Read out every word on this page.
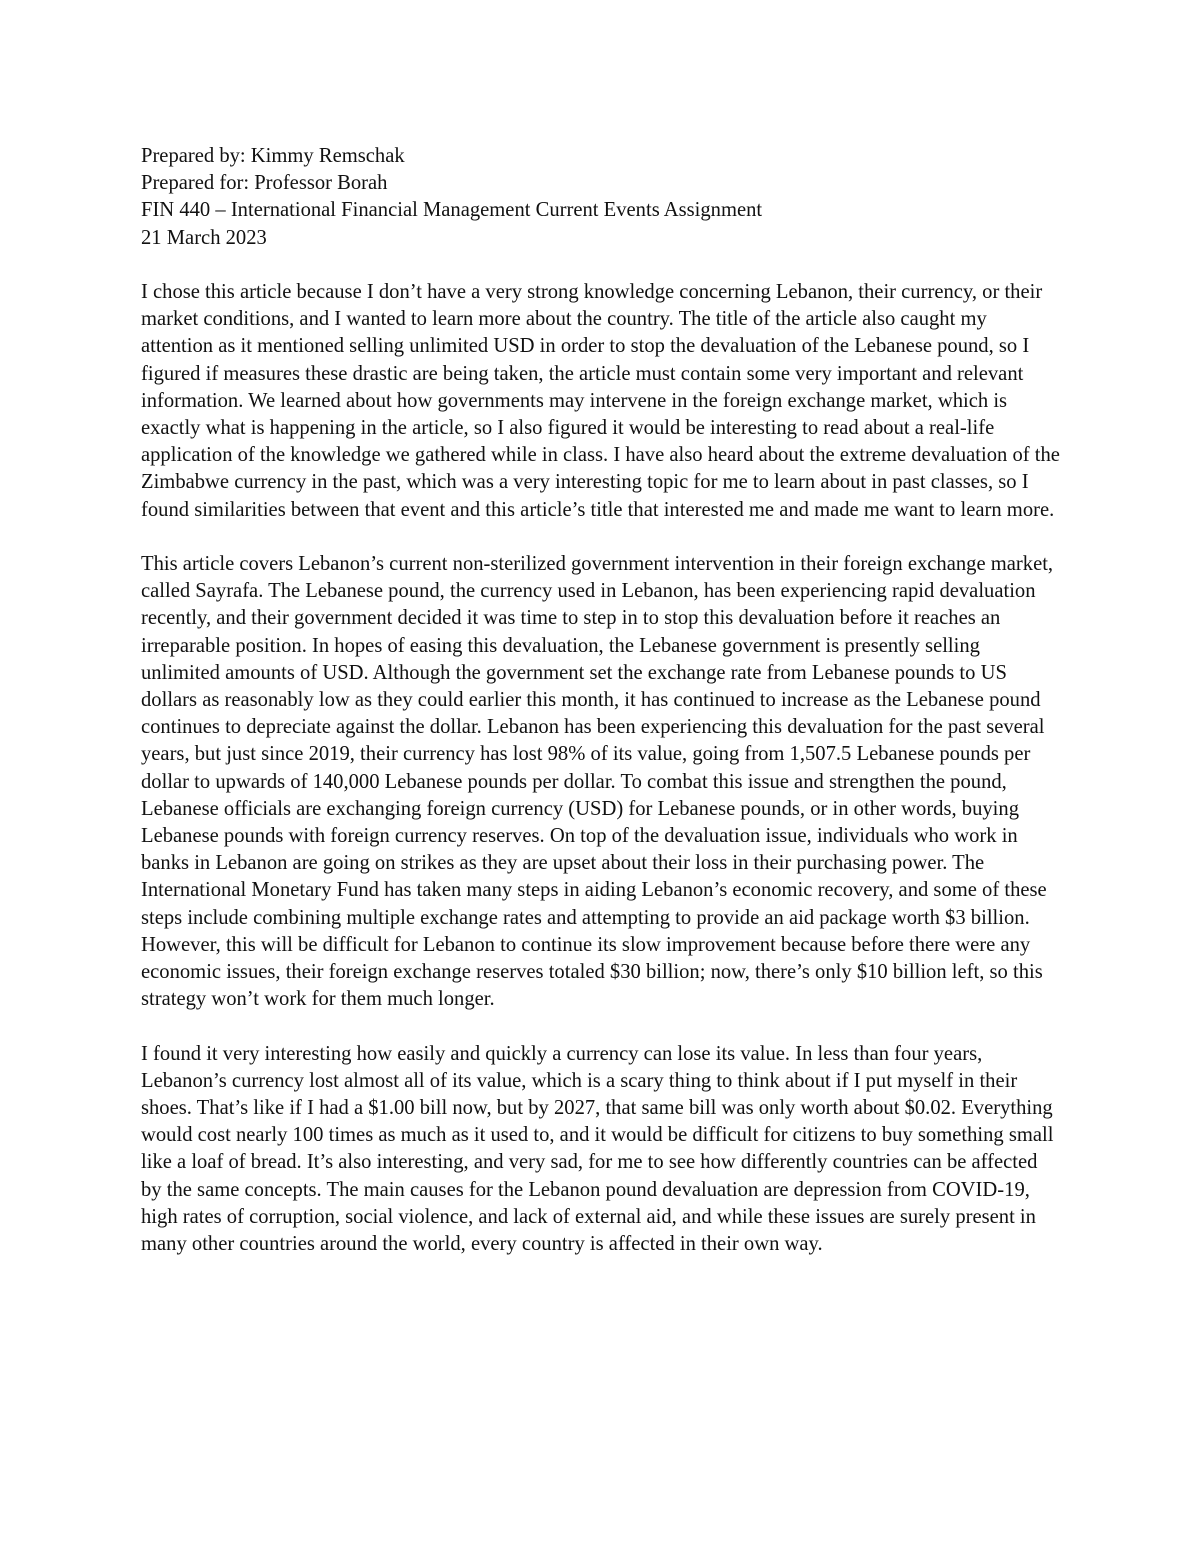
Prepared by: Kimmy Remschak
Prepared for: Professor Borah
FIN 440 – International Financial Management Current Events Assignment
21 March 2023

I chose this article because I don’t have a very strong knowledge concerning Lebanon, their currency, or their market conditions, and I wanted to learn more about the country. The title of the article also caught my attention as it mentioned selling unlimited USD in order to stop the devaluation of the Lebanese pound, so I figured if measures these drastic are being taken, the article must contain some very important and relevant information. We learned about how governments may intervene in the foreign exchange market, which is exactly what is happening in the article, so I also figured it would be interesting to read about a real-life application of the knowledge we gathered while in class. I have also heard about the extreme devaluation of the Zimbabwe currency in the past, which was a very interesting topic for me to learn about in past classes, so I found similarities between that event and this article’s title that interested me and made me want to learn more.

This article covers Lebanon’s current non-sterilized government intervention in their foreign exchange market, called Sayrafa. The Lebanese pound, the currency used in Lebanon, has been experiencing rapid devaluation recently, and their government decided it was time to step in to stop this devaluation before it reaches an irreparable position. In hopes of easing this devaluation, the Lebanese government is presently selling unlimited amounts of USD. Although the government set the exchange rate from Lebanese pounds to US dollars as reasonably low as they could earlier this month, it has continued to increase as the Lebanese pound continues to depreciate against the dollar. Lebanon has been experiencing this devaluation for the past several years, but just since 2019, their currency has lost 98% of its value, going from 1,507.5 Lebanese pounds per dollar to upwards of 140,000 Lebanese pounds per dollar. To combat this issue and strengthen the pound, Lebanese officials are exchanging foreign currency (USD) for Lebanese pounds, or in other words, buying Lebanese pounds with foreign currency reserves. On top of the devaluation issue, individuals who work in banks in Lebanon are going on strikes as they are upset about their loss in their purchasing power. The International Monetary Fund has taken many steps in aiding Lebanon’s economic recovery, and some of these steps include combining multiple exchange rates and attempting to provide an aid package worth $3 billion. However, this will be difficult for Lebanon to continue its slow improvement because before there were any economic issues, their foreign exchange reserves totaled $30 billion; now, there’s only $10 billion left, so this strategy won’t work for them much longer.

I found it very interesting how easily and quickly a currency can lose its value. In less than four years, Lebanon’s currency lost almost all of its value, which is a scary thing to think about if I put myself in their shoes. That’s like if I had a $1.00 bill now, but by 2027, that same bill was only worth about $0.02. Everything would cost nearly 100 times as much as it used to, and it would be difficult for citizens to buy something small like a loaf of bread. It’s also interesting, and very sad, for me to see how differently countries can be affected by the same concepts. The main causes for the Lebanon pound devaluation are depression from COVID-19, high rates of corruption, social violence, and lack of external aid, and while these issues are surely present in many other countries around the world, every country is affected in their own way.
